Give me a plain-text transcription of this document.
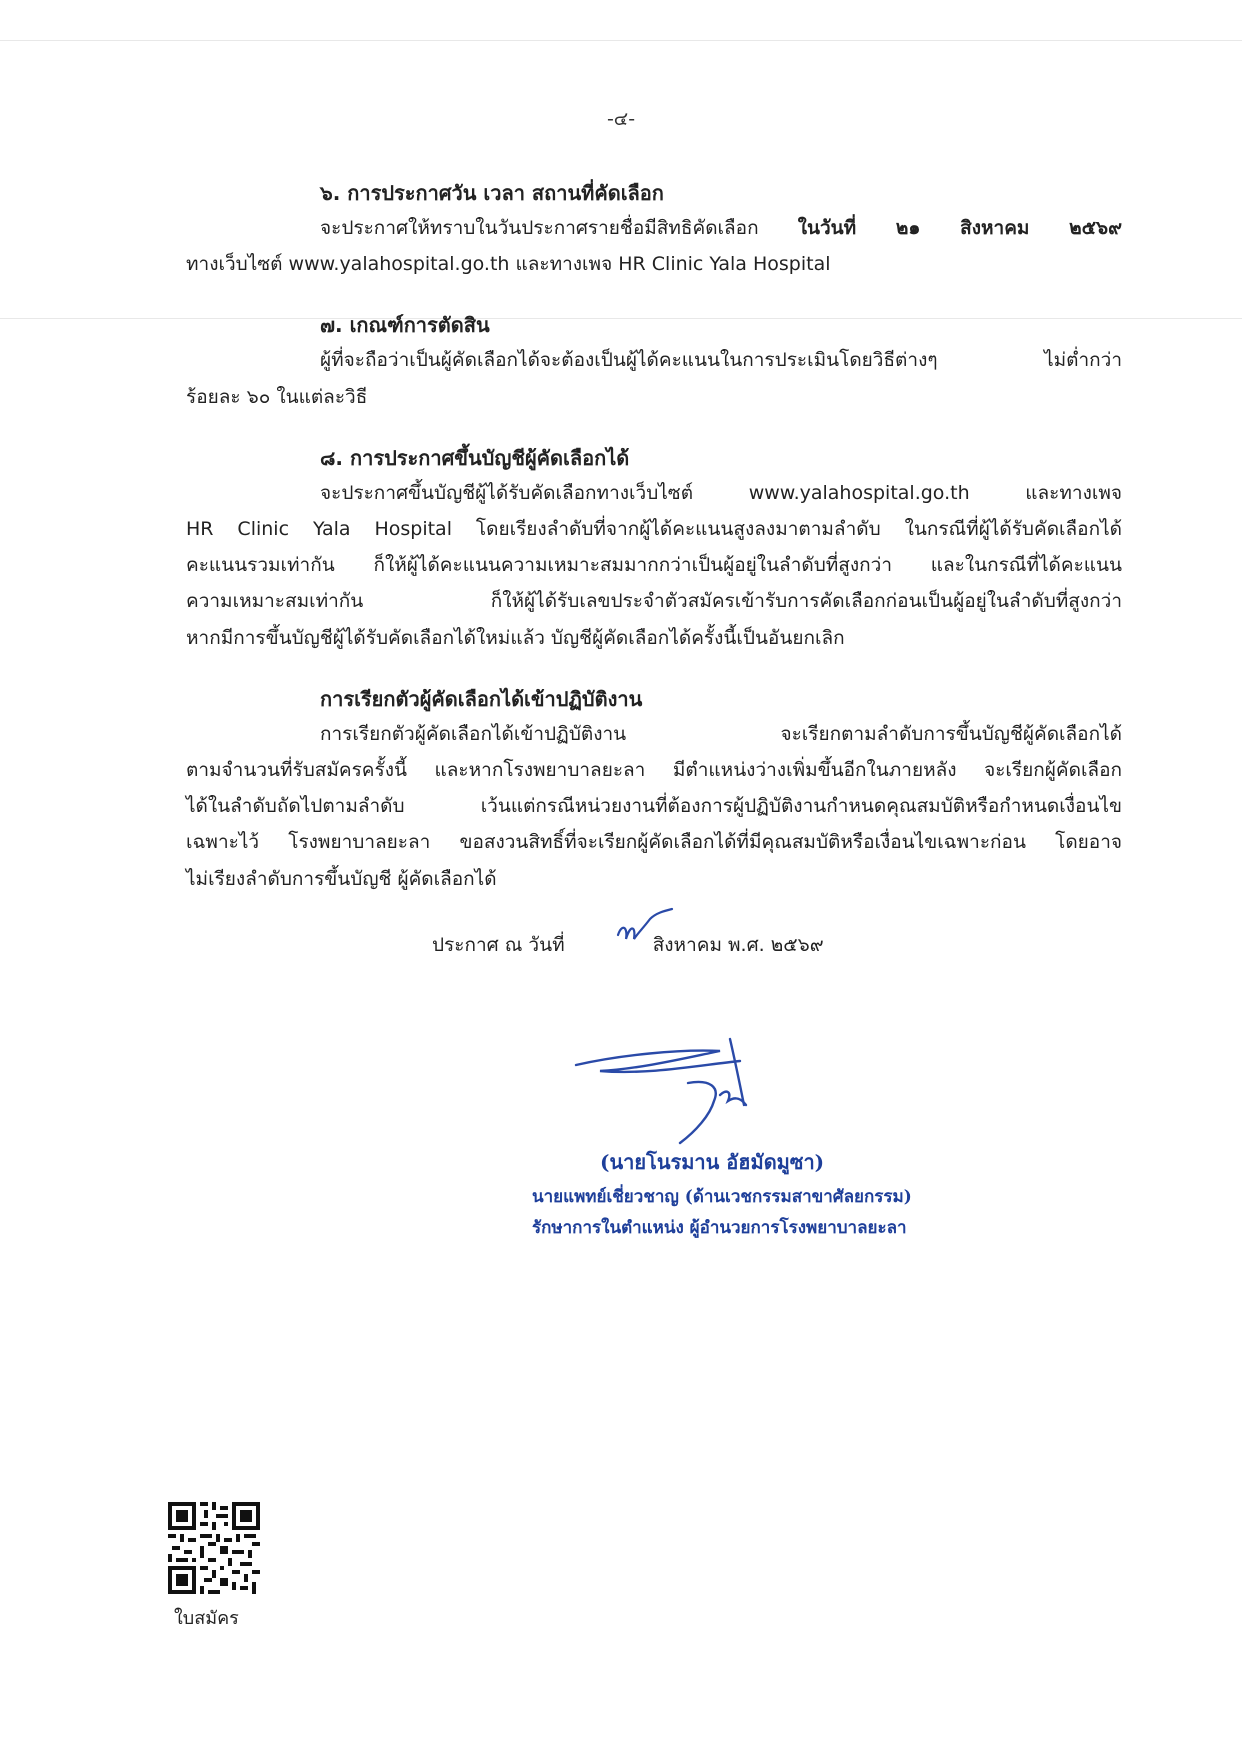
-๔-

๖. การประกาศวัน เวลา สถานที่คัดเลือก

จะประกาศให้ทราบในวันประกาศรายชื่อมีสิทธิคัดเลือก ในวันที่ ๒๑ สิงหาคม ๒๕๖๙

ทางเว็บไซต์ www.yalahospital.go.th และทางเพจ HR Clinic Yala Hospital

๗. เกณฑ์การตัดสิน

ผู้ที่จะถือว่าเป็นผู้คัดเลือกได้จะต้องเป็นผู้ได้คะแนนในการประเมินโดยวิธีต่างๆ ไม่ต่ำกว่า

ร้อยละ ๖๐ ในแต่ละวิธี

๘. การประกาศขึ้นบัญชีผู้คัดเลือกได้

จะประกาศขึ้นบัญชีผู้ได้รับคัดเลือกทางเว็บไซต์ www.yalahospital.go.th และทางเพจ

HR Clinic Yala Hospital โดยเรียงลำดับที่จากผู้ได้คะแนนสูงลงมาตามลำดับ ในกรณีที่ผู้ได้รับคัดเลือกได้

คะแนนรวมเท่ากัน ก็ให้ผู้ได้คะแนนความเหมาะสมมากกว่าเป็นผู้อยู่ในลำดับที่สูงกว่า และในกรณีที่ได้คะแนน

ความเหมาะสมเท่ากัน ก็ให้ผู้ได้รับเลขประจำตัวสมัครเข้ารับการคัดเลือกก่อนเป็นผู้อยู่ในลำดับที่สูงกว่า

หากมีการขึ้นบัญชีผู้ได้รับคัดเลือกได้ใหม่แล้ว บัญชีผู้คัดเลือกได้ครั้งนี้เป็นอันยกเลิก

การเรียกตัวผู้คัดเลือกได้เข้าปฏิบัติงาน

การเรียกตัวผู้คัดเลือกได้เข้าปฏิบัติงาน จะเรียกตามลำดับการขึ้นบัญชีผู้คัดเลือกได้

ตามจำนวนที่รับสมัครครั้งนี้ และหากโรงพยาบาลยะลา มีตำแหน่งว่างเพิ่มขึ้นอีกในภายหลัง จะเรียกผู้คัดเลือก

ได้ในลำดับถัดไปตามลำดับ เว้นแต่กรณีหน่วยงานที่ต้องการผู้ปฏิบัติงานกำหนดคุณสมบัติหรือกำหนดเงื่อนไข

เฉพาะไว้ โรงพยาบาลยะลา ขอสงวนสิทธิ์ที่จะเรียกผู้คัดเลือกได้ที่มีคุณสมบัติหรือเงื่อนไขเฉพาะก่อน โดยอาจ

ไม่เรียงลำดับการขึ้นบัญชี ผู้คัดเลือกได้

ประกาศ ณ วันที่	สิงหาคม พ.ศ. ๒๕๖๙
(นายโนรมาน อัฮมัดมูซา)
นายแพทย์เชี่ยวชาญ (ด้านเวชกรรมสาขาศัลยกรรม)
รักษาการในตำแหน่ง ผู้อำนวยการโรงพยาบาลยะลา
ใบสมัคร
